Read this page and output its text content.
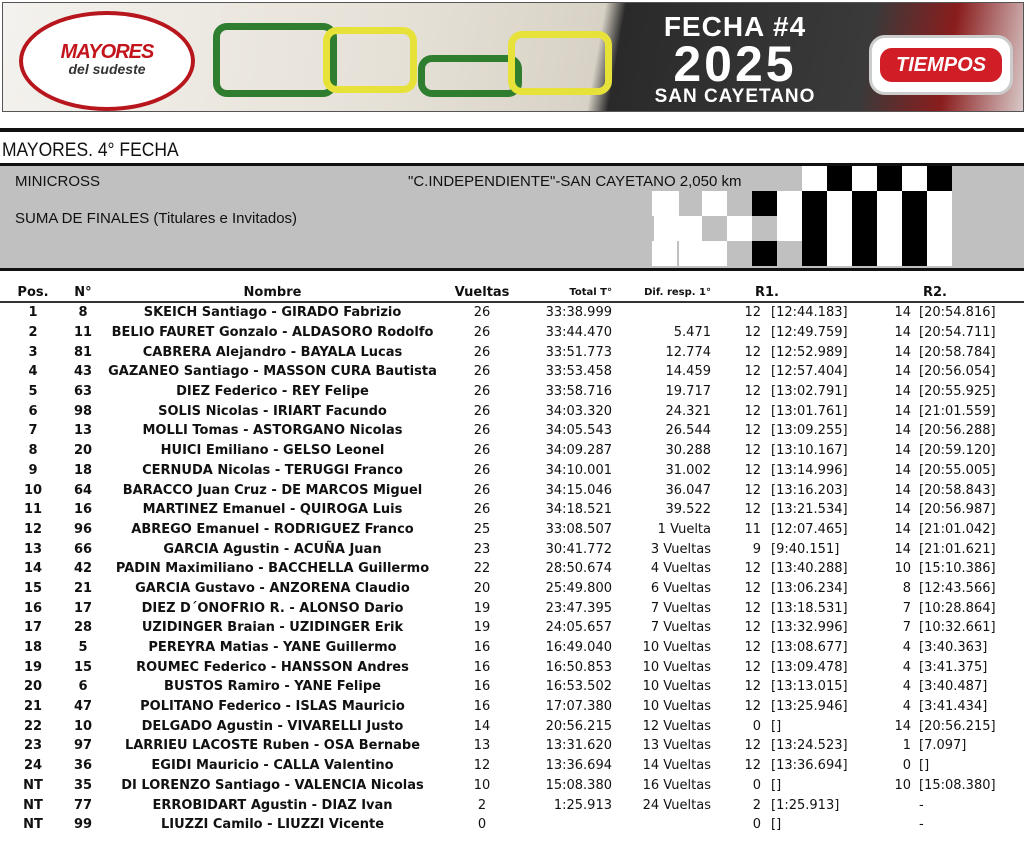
MAYORES
del sudeste
FECHA #4
2025
SAN CAYETANO
TIEMPOS
MAYORES. 4° FECHA
MINICROSS
SUMA DE FINALES (Titulares e Invitados)
"C.INDEPENDIENTE"-SAN CAYETANO 2,050 km
Pos.	N°	Nombre	Vueltas	Total T°	Dif. resp. 1°	R1.		R2.	
1	8	SKEICH Santiago - GIRADO Fabrizio	26	33:38.999		12	[12:44.183]	14	[20:54.816]
2	11	BELIO FAURET Gonzalo - ALDASORO Rodolfo	26	33:44.470	5.471	12	[12:49.759]	14	[20:54.711]
3	81	CABRERA Alejandro - BAYALA Lucas	26	33:51.773	12.774	12	[12:52.989]	14	[20:58.784]
4	43	GAZANEO Santiago - MASSON CURA Bautista	26	33:53.458	14.459	12	[12:57.404]	14	[20:56.054]
5	63	DIEZ Federico - REY Felipe	26	33:58.716	19.717	12	[13:02.791]	14	[20:55.925]
6	98	SOLIS Nicolas - IRIART Facundo	26	34:03.320	24.321	12	[13:01.761]	14	[21:01.559]
7	13	MOLLI Tomas - ASTORGANO Nicolas	26	34:05.543	26.544	12	[13:09.255]	14	[20:56.288]
8	20	HUICI Emiliano - GELSO Leonel	26	34:09.287	30.288	12	[13:10.167]	14	[20:59.120]
9	18	CERNUDA Nicolas - TERUGGI Franco	26	34:10.001	31.002	12	[13:14.996]	14	[20:55.005]
10	64	BARACCO Juan Cruz - DE MARCOS Miguel	26	34:15.046	36.047	12	[13:16.203]	14	[20:58.843]
11	16	MARTINEZ Emanuel - QUIROGA Luis	26	34:18.521	39.522	12	[13:21.534]	14	[20:56.987]
12	96	ABREGO Emanuel - RODRIGUEZ Franco	25	33:08.507	1 Vuelta	11	[12:07.465]	14	[21:01.042]
13	66	GARCIA Agustin - ACUÑA Juan	23	30:41.772	3 Vueltas	9	[9:40.151]	14	[21:01.621]
14	42	PADIN Maximiliano - BACCHELLA Guillermo	22	28:50.674	4 Vueltas	12	[13:40.288]	10	[15:10.386]
15	21	GARCIA Gustavo - ANZORENA Claudio	20	25:49.800	6 Vueltas	12	[13:06.234]	8	[12:43.566]
16	17	DIEZ D´ONOFRIO R. - ALONSO Dario	19	23:47.395	7 Vueltas	12	[13:18.531]	7	[10:28.864]
17	28	UZIDINGER Braian - UZIDINGER Erik	19	24:05.657	7 Vueltas	12	[13:32.996]	7	[10:32.661]
18	5	PEREYRA Matias - YANE Guillermo	16	16:49.040	10 Vueltas	12	[13:08.677]	4	[3:40.363]
19	15	ROUMEC Federico - HANSSON Andres	16	16:50.853	10 Vueltas	12	[13:09.478]	4	[3:41.375]
20	6	BUSTOS Ramiro - YANE Felipe	16	16:53.502	10 Vueltas	12	[13:13.015]	4	[3:40.487]
21	47	POLITANO Federico - ISLAS Mauricio	16	17:07.380	10 Vueltas	12	[13:25.946]	4	[3:41.434]
22	10	DELGADO Agustin - VIVARELLI Justo	14	20:56.215	12 Vueltas	0	[]	14	[20:56.215]
23	97	LARRIEU LACOSTE Ruben - OSA Bernabe	13	13:31.620	13 Vueltas	12	[13:24.523]	1	[7.097]
24	36	EGIDI Mauricio - CALLA Valentino	12	13:36.694	14 Vueltas	12	[13:36.694]	0	[]
NT	35	DI LORENZO Santiago - VALENCIA Nicolas	10	15:08.380	16 Vueltas	0	[]	10	[15:08.380]
NT	77	ERROBIDART Agustin - DIAZ Ivan	2	1:25.913	24 Vueltas	2	[1:25.913]		-
NT	99	LIUZZI Camilo - LIUZZI Vicente	0			0	[]		-
